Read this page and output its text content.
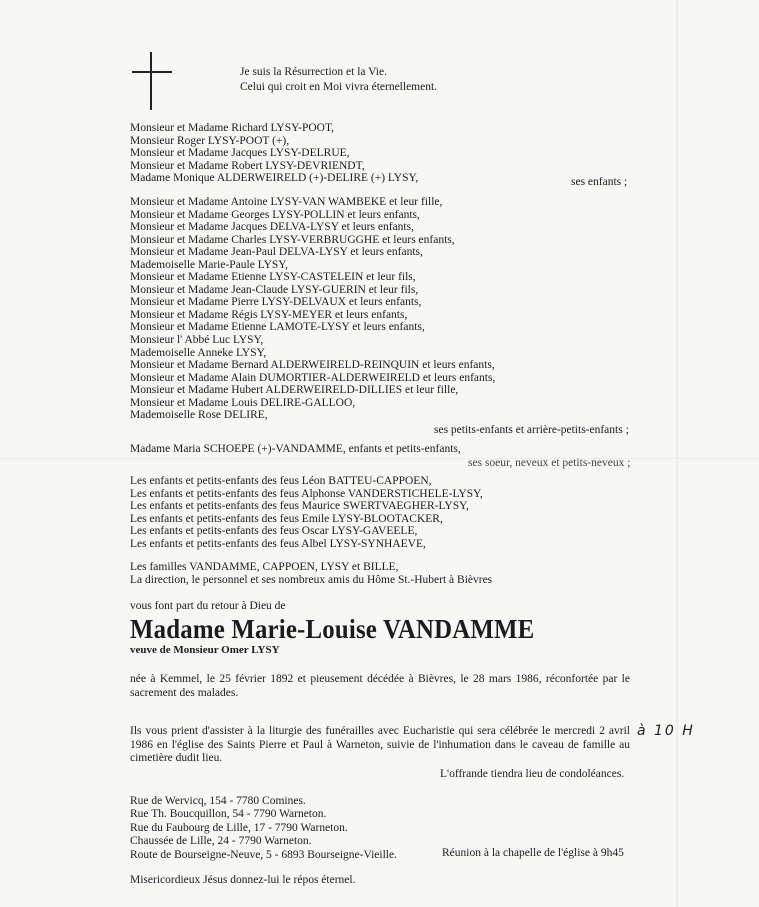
Je suis la Résurrection et la Vie.
Celui qui croit en Moi vivra éternellement.
Monsieur et Madame Richard LYSY-POOT,
Monsieur Roger LYSY-POOT (+),
Monsieur et Madame Jacques LYSY-DELRUE,
Monsieur et Madame Robert LYSY-DEVRIENDT,
Madame Monique ALDERWEIRELD (+)-DELIRE (+) LYSY,	ses enfants ;
Monsieur et Madame Antoine LYSY-VAN WAMBEKE et leur fille,
Monsieur et Madame Georges LYSY-POLLIN et leurs enfants,
Monsieur et Madame Jacques DELVA-LYSY et leurs enfants,
Monsieur et Madame Charles LYSY-VERBRUGGHE et leurs enfants,
Monsieur et Madame Jean-Paul DELVA-LYSY et leurs enfants,
Mademoiselle Marie-Paule LYSY,
Monsieur et Madame Etienne LYSY-CASTELEIN et leur fils,
Monsieur et Madame Jean-Claude LYSY-GUERIN et leur fils,
Monsieur et Madame Pierre LYSY-DELVAUX et leurs enfants,
Monsieur et Madame Régis LYSY-MEYER et leurs enfants,
Monsieur et Madame Etienne LAMOTE-LYSY et leurs enfants,
Monsieur l' Abbé Luc LYSY,
Mademoiselle Anneke LYSY,
Monsieur et Madame Bernard ALDERWEIRELD-REINQUIN et leurs enfants,
Monsieur et Madame Alain DUMORTIER-ALDERWEIRELD et leurs enfants,
Monsieur et Madame Hubert ALDERWEIRELD-DILLIES et leur fille,
Monsieur et Madame Louis DELIRE-GALLOO,
Mademoiselle Rose DELIRE,
ses petits-enfants et arrière-petits-enfants ;
Madame Maria SCHOEPE (+)-VANDAMME, enfants et petits-enfants,
ses soeur, neveux et petits-neveux ;
Les enfants et petits-enfants des feus Léon BATTEU-CAPPOEN,
Les enfants et petits-enfants des feus Alphonse VANDERSTICHELE-LYSY,
Les enfants et petits-enfants des feus Maurice SWERTVAEGHER-LYSY,
Les enfants et petits-enfants des feus Emile LYSY-BLOOTACKER,
Les enfants et petits-enfants des feus Oscar LYSY-GAVEELE,
Les enfants et petits-enfants des feus Albel LYSY-SYNHAEVE,
Les familles VANDAMME, CAPPOEN, LYSY et BILLE,
La direction, le personnel et ses nombreux amis du Hôme St.-Hubert à Bièvres
vous font part du retour à Dieu de
Madame Marie-Louise VANDAMME
veuve de Monsieur Omer LYSY
née à Kemmel, le 25 février 1892 et pieusement décédée à Bièvres, le 28 mars 1986, réconfortée par le sacrement des malades.
Ils vous prient d'assister à la liturgie des funérailles avec Eucharistie qui sera célébrée le mercredi 2 avril 1986 en l'église des Saints Pierre et Paul à Warneton, suivie de l'inhumation dans le caveau de famille au cimetière dudit lieu.
à 10 H
L'offrande tiendra lieu de condoléances.
Rue de Wervicq, 154 - 7780 Comines.
Rue Th. Boucquillon, 54 - 7790 Warneton.
Rue du Faubourg de Lille, 17 - 7790 Warneton.
Chaussée de Lille, 24 - 7790 Warneton.
Route de Bourseigne-Neuve, 5 - 6893 Bourseigne-Vieille.	Réunion à la chapelle de l'église à 9h45
Misericordieux Jésus donnez-lui le répos éternel.
